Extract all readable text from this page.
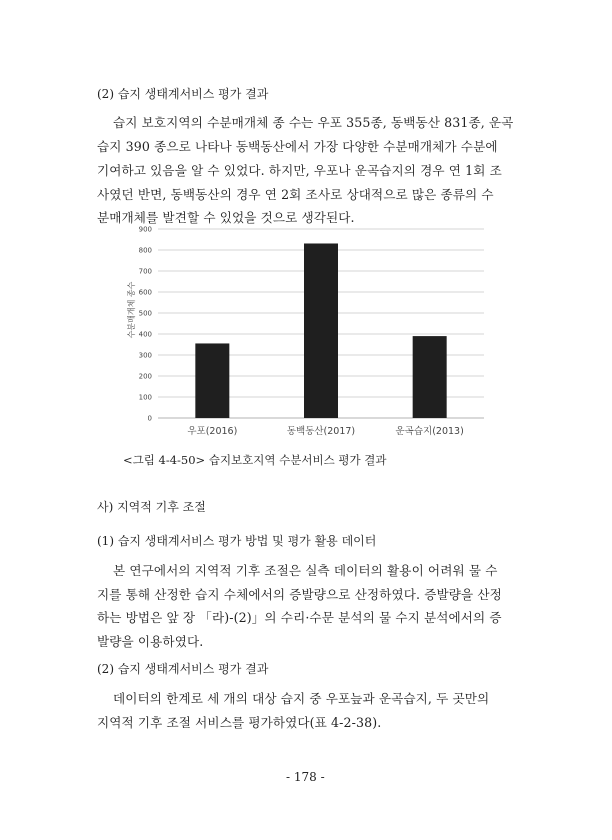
(2) 습지 생태계서비스 평가 결과
습지 보호지역의 수분매개체 종 수는 우포 355종, 동백동산 831종, 운곡
습지 390 종으로 나타나 동백동산에서 가장 다양한 수분매개체가 수분에
기여하고 있음을 알 수 있었다. 하지만, 우포나 운곡습지의 경우 연 1회 조
사였던 반면, 동백동산의 경우 연 2회 조사로 상대적으로 많은 종류의 수
분매개체를 발견할 수 있었을 것으로 생각된다.
0
100
200
300
400
500
600
700
800
900
우포(2016)	동백동산(2017)	운곡습지(2013)
수분매개체 종수
<그림 4-4-50> 습지보호지역 수분서비스 평가 결과
사) 지역적 기후 조절
(1) 습지 생태계서비스 평가 방법 및 평가 활용 데이터
본 연구에서의 지역적 기후 조절은 실측 데이터의 활용이 어려워 물 수
지를 통해 산정한 습지 수체에서의 증발량으로 산정하였다. 증발량을 산정
하는 방법은 앞 장 「라)-(2)」의 수리·수문 분석의 물 수지 분석에서의 증
발량을 이용하였다.
(2) 습지 생태계서비스 평가 결과
데이터의 한계로 세 개의 대상 습지 중 우포늪과 운곡습지, 두 곳만의
지역적 기후 조절 서비스를 평가하였다(표 4-2-38).
- 178 -
